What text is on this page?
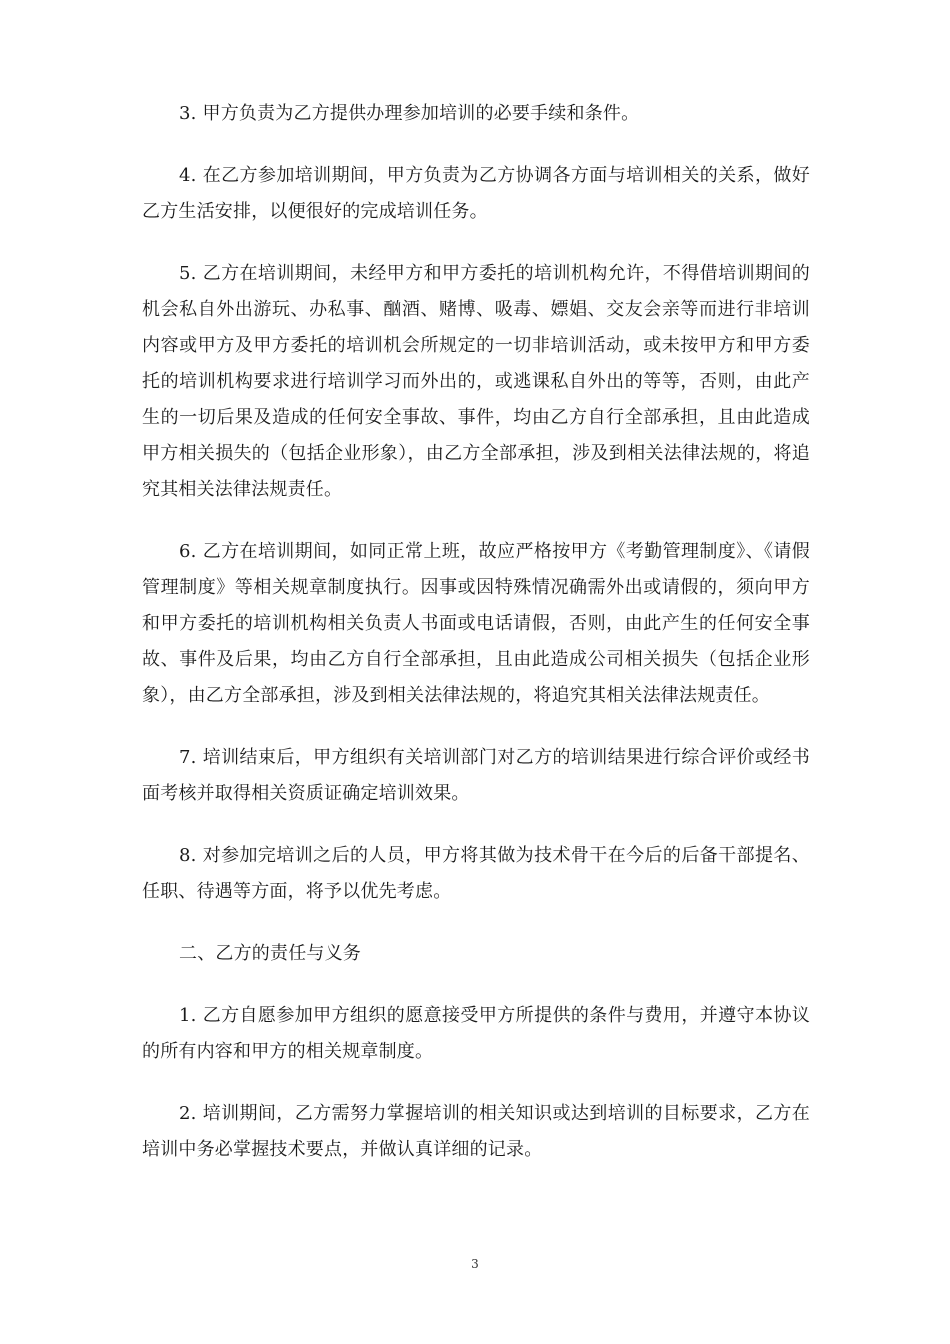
3. 甲方负责为乙方提供办理参加培训的必要手续和条件。

4. 在乙方参加培训期间，甲方负责为乙方协调各方面与培训相关的关系，做好乙方生活安排，以便很好的完成培训任务。

5. 乙方在培训期间，未经甲方和甲方委托的培训机构允许，不得借培训期间的机会私自外出游玩、办私事、酗酒、赌博、吸毒、嫖娼、交友会亲等而进行非培训内容或甲方及甲方委托的培训机会所规定的一切非培训活动，或未按甲方和甲方委托的培训机构要求进行培训学习而外出的，或逃课私自外出的等等，否则，由此产生的一切后果及造成的任何安全事故、事件，均由乙方自行全部承担，且由此造成甲方相关损失的（包括企业形象），由乙方全部承担，涉及到相关法律法规的，将追究其相关法律法规责任。

6. 乙方在培训期间，如同正常上班，故应严格按甲方《考勤管理制度》、《请假管理制度》等相关规章制度执行。因事或因特殊情况确需外出或请假的，须向甲方和甲方委托的培训机构相关负责人书面或电话请假，否则，由此产生的任何安全事故、事件及后果，均由乙方自行全部承担，且由此造成公司相关损失（包括企业形象），由乙方全部承担，涉及到相关法律法规的，将追究其相关法律法规责任。

7. 培训结束后，甲方组织有关培训部门对乙方的培训结果进行综合评价或经书面考核并取得相关资质证确定培训效果。

8. 对参加完培训之后的人员，甲方将其做为技术骨干在今后的后备干部提名、任职、待遇等方面，将予以优先考虑。

二、乙方的责任与义务

1. 乙方自愿参加甲方组织的愿意接受甲方所提供的条件与费用，并遵守本协议的所有内容和甲方的相关规章制度。

2. 培训期间，乙方需努力掌握培训的相关知识或达到培训的目标要求，乙方在培训中务必掌握技术要点，并做认真详细的记录。

3
